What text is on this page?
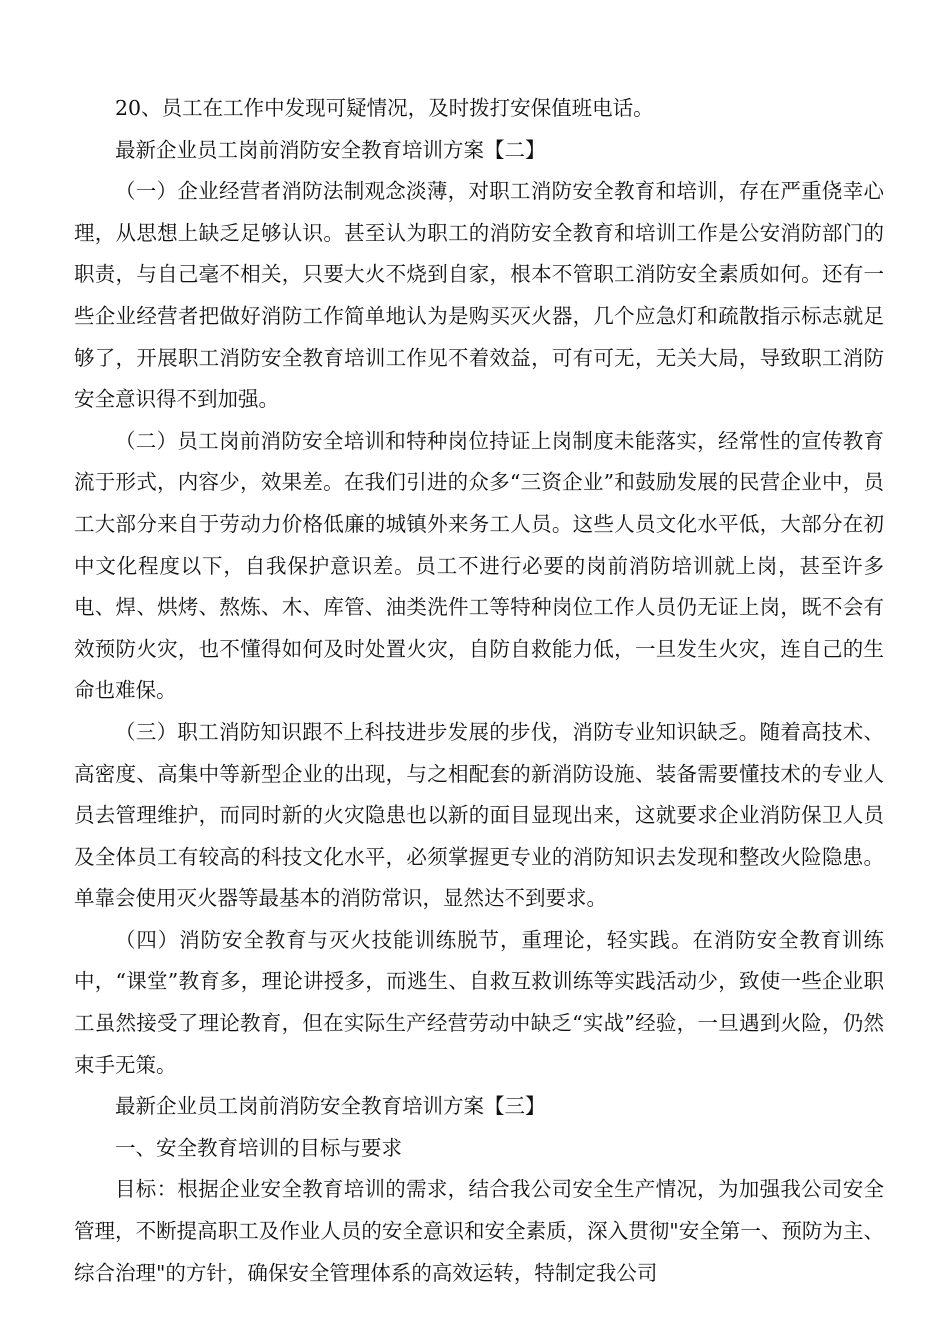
20、员工在工作中发现可疑情况，及时拨打安保值班电话。

最新企业员工岗前消防安全教育培训方案【二】

（一）企业经营者消防法制观念淡薄，对职工消防安全教育和培训，存在严重侥幸心理，从思想上缺乏足够认识。甚至认为职工的消防安全教育和培训工作是公安消防部门的职责，与自己毫不相关，只要大火不烧到自家，根本不管职工消防安全素质如何。还有一些企业经营者把做好消防工作简单地认为是购买灭火器，几个应急灯和疏散指示标志就足够了，开展职工消防安全教育培训工作见不着效益，可有可无，无关大局，导致职工消防安全意识得不到加强。

（二）员工岗前消防安全培训和特种岗位持证上岗制度未能落实，经常性的宣传教育流于形式，内容少，效果差。在我们引进的众多“三资企业”和鼓励发展的民营企业中，员工大部分来自于劳动力价格低廉的城镇外来务工人员。这些人员文化水平低，大部分在初中文化程度以下，自我保护意识差。员工不进行必要的岗前消防培训就上岗，甚至许多电、焊、烘烤、熬炼、木、库管、油类洗件工等特种岗位工作人员仍无证上岗，既不会有效预防火灾，也不懂得如何及时处置火灾，自防自救能力低，一旦发生火灾，连自己的生命也难保。

（三）职工消防知识跟不上科技进步发展的步伐，消防专业知识缺乏。随着高技术、高密度、高集中等新型企业的出现，与之相配套的新消防设施、装备需要懂技术的专业人员去管理维护，而同时新的火灾隐患也以新的面目显现出来，这就要求企业消防保卫人员及全体员工有较高的科技文化水平，必须掌握更专业的消防知识去发现和整改火险隐患。单靠会使用灭火器等最基本的消防常识，显然达不到要求。

（四）消防安全教育与灭火技能训练脱节，重理论，轻实践。在消防安全教育训练中，“课堂”教育多，理论讲授多，而逃生、自救互救训练等实践活动少，致使一些企业职工虽然接受了理论教育，但在实际生产经营劳动中缺乏“实战”经验，一旦遇到火险，仍然束手无策。

最新企业员工岗前消防安全教育培训方案【三】

一、安全教育培训的目标与要求

目标：根据企业安全教育培训的需求，结合我公司安全生产情况，为加强我公司安全管理，不断提高职工及作业人员的安全意识和安全素质，深入贯彻"安全第一、预防为主、综合治理"的方针，确保安全管理体系的高效运转，特制定我公司
